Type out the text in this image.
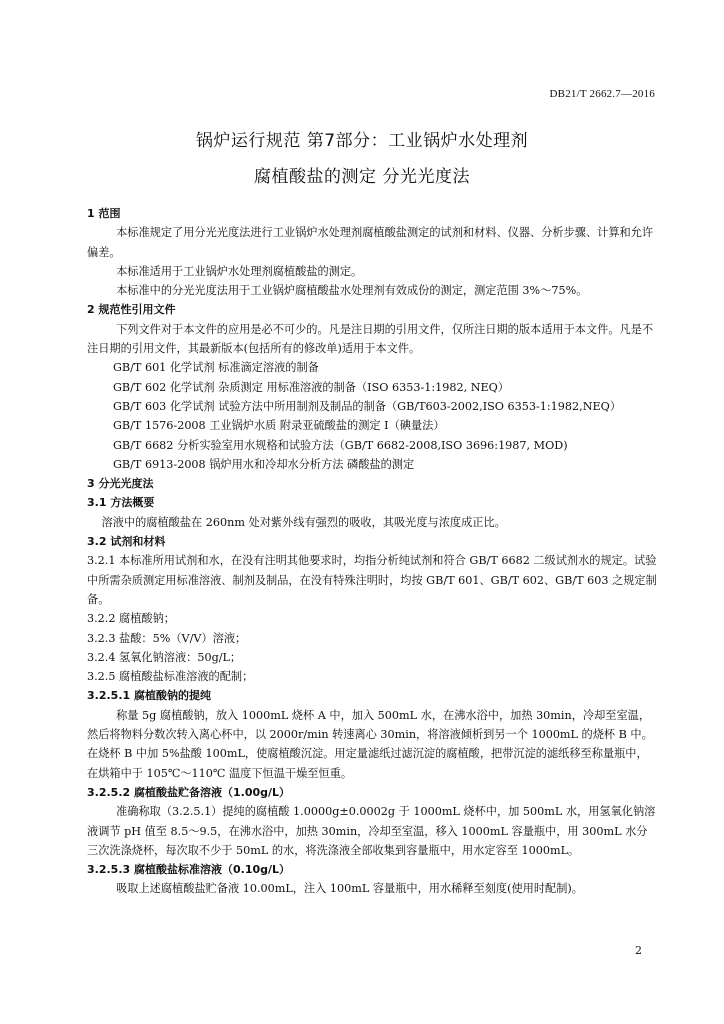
DB21/T 2662.7—2016
锅炉运行规范 第7部分：工业锅炉水处理剂
腐植酸盐的测定 分光光度法

1 范围

本标准规定了用分光光度法进行工业锅炉水处理剂腐植酸盐测定的试剂和材料、仪器、分析步骤、计算和允许偏差。

本标准适用于工业锅炉水处理剂腐植酸盐的测定。

本标准中的分光光度法用于工业锅炉腐植酸盐水处理剂有效成份的测定，测定范围 3%～75%。

2 规范性引用文件

下列文件对于本文件的应用是必不可少的。凡是注日期的引用文件，仅所注日期的版本适用于本文件。凡是不注日期的引用文件，其最新版本(包括所有的修改单)适用于本文件。

GB/T 601 化学试剂 标准滴定溶液的制备

GB/T 602 化学试剂 杂质测定 用标准溶液的制备（ISO 6353-1:1982, NEQ）

GB/T 603 化学试剂 试验方法中所用制剂及制品的制备（GB/T603-2002,ISO 6353-1:1982,NEQ）

GB/T 1576-2008 工业锅炉水质 附录亚硫酸盐的测定 I（碘量法）

GB/T 6682 分析实验室用水规格和试验方法（GB/T 6682-2008,ISO 3696:1987, MOD)

GB/T 6913-2008 锅炉用水和冷却水分析方法 磷酸盐的测定

3 分光光度法

3.1 方法概要

溶液中的腐植酸盐在 260nm 处对紫外线有强烈的吸收，其吸光度与浓度成正比。

3.2 试剂和材料

3.2.1 本标准所用试剂和水，在没有注明其他要求时，均指分析纯试剂和符合 GB/T 6682 二级试剂水的规定。试验中所需杂质测定用标准溶液、制剂及制品，在没有特殊注明时，均按 GB/T 601、GB/T 602、GB/T 603 之规定制备。

3.2.2 腐植酸钠；

3.2.3 盐酸：5%（V/V）溶液；

3.2.4 氢氧化钠溶液：50g/L；

3.2.5 腐植酸盐标准溶液的配制；

3.2.5.1 腐植酸钠的提纯

称量 5g 腐植酸钠，放入 1000mL 烧杯 A 中，加入 500mL 水，在沸水浴中，加热 30min，冷却至室温，然后将物料分数次转入离心杯中，以 2000r/min 转速离心 30min，将溶液倾析到另一个 1000mL 的烧杯 B 中。在烧杯 B 中加 5%盐酸 100mL，使腐植酸沉淀。用定量滤纸过滤沉淀的腐植酸，把带沉淀的滤纸移至称量瓶中，在烘箱中于 105℃～110℃ 温度下恒温干燥至恒重。

3.2.5.2 腐植酸盐贮备溶液（1.00g/L）

准确称取（3.2.5.1）提纯的腐植酸 1.0000g±0.0002g 于 1000mL 烧杯中，加 500mL 水，用氢氧化钠溶液调节 pH 值至 8.5～9.5，在沸水浴中，加热 30min，冷却至室温，移入 1000mL 容量瓶中，用 300mL 水分三次洗涤烧杯，每次取不少于 50mL 的水，将洗涤液全部收集到容量瓶中，用水定容至 1000mL。

3.2.5.3 腐植酸盐标准溶液（0.10g/L）

吸取上述腐植酸盐贮备液 10.00mL，注入 100mL 容量瓶中，用水稀释至刻度(使用时配制)。

2
